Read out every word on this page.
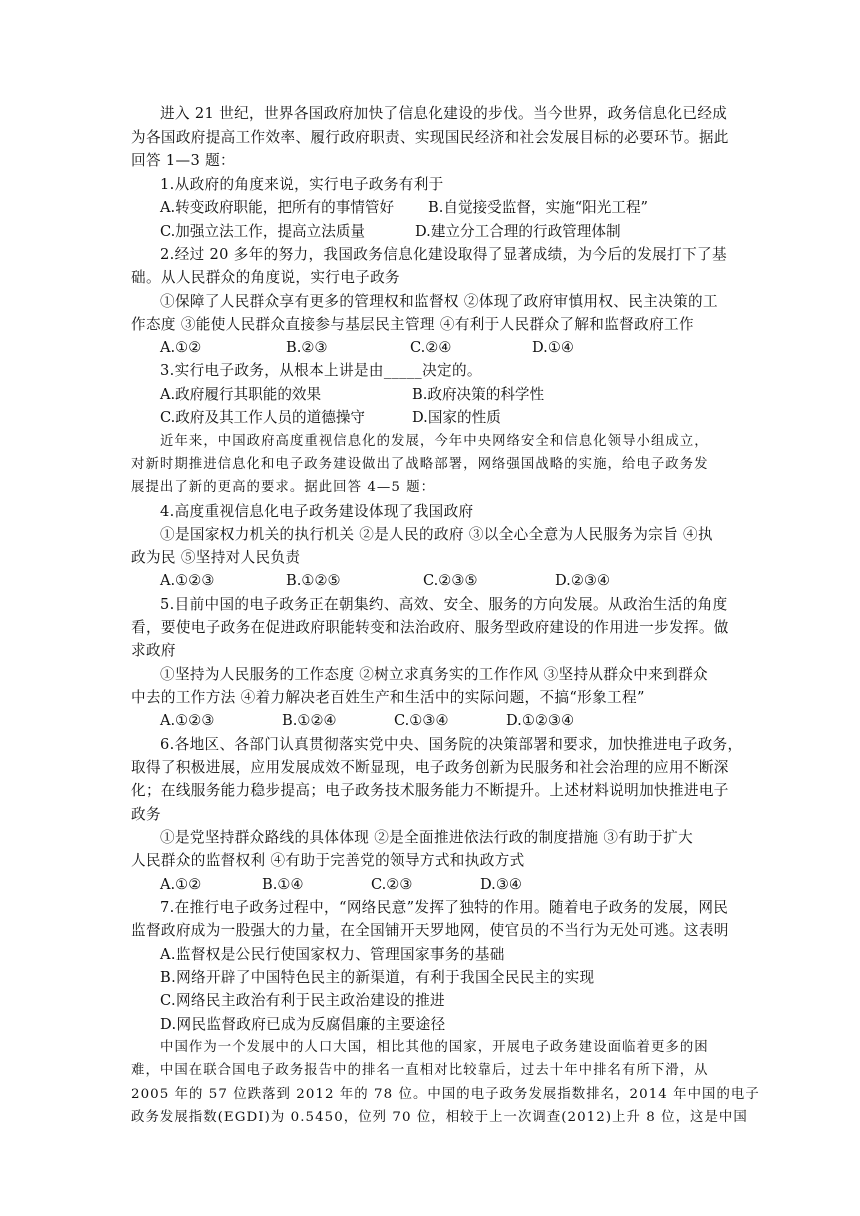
进入 21 世纪，世界各国政府加快了信息化建设的步伐。当今世界，政务信息化已经成
为各国政府提高工作效率、履行政府职责、实现国民经济和社会发展目标的必要环节。据此
回答 1—3 题：
1.从政府的角度来说，实行电子政务有利于
A.转变政府职能，把所有的事情管好 B.自觉接受监督，实施“阳光工程”
C.加强立法工作，提高立法质量	D.建立分工合理的行政管理体制
2.经过 20 多年的努力，我国政务信息化建设取得了显著成绩，为今后的发展打下了基
础。从人民群众的角度说，实行电子政务
①保障了人民群众享有更多的管理权和监督权 ②体现了政府审慎用权、民主决策的工
作态度 ③能使人民群众直接参与基层民主管理 ④有利于人民群众了解和监督政府工作
A.①②	B.②③	C.②④	D.①④
3.实行电子政务，从根本上讲是由_____决定的。
A.政府履行其职能的效果	B.政府决策的科学性
C.政府及其工作人员的道德操守	D.国家的性质
近年来，中国政府高度重视信息化的发展，今年中央网络安全和信息化领导小组成立，
对新时期推进信息化和电子政务建设做出了战略部署，网络强国战略的实施，给电子政务发
展提出了新的更高的要求。据此回答 4—5 题：
4.高度重视信息化电子政务建设体现了我国政府
①是国家权力机关的执行机关 ②是人民的政府 ③以全心全意为人民服务为宗旨 ④执
政为民 ⑤坚持对人民负责
A.①②③	B.①②⑤	C.②③⑤	D.②③④
5.目前中国的电子政务正在朝集约、高效、安全、服务的方向发展。从政治生活的角度
看，要使电子政务在促进政府职能转变和法治政府、服务型政府建设的作用进一步发挥。做
求政府
①坚持为人民服务的工作态度 ②树立求真务实的工作作风 ③坚持从群众中来到群众
中去的工作方法 ④着力解决老百姓生产和生活中的实际问题，不搞“形象工程”
A.①②③	B.①②④	C.①③④	D.①②③④
6.各地区、各部门认真贯彻落实党中央、国务院的决策部署和要求，加快推进电子政务，
取得了积极进展，应用发展成效不断显现，电子政务创新为民服务和社会治理的应用不断深
化；在线服务能力稳步提高；电子政务技术服务能力不断提升。上述材料说明加快推进电子
政务
①是党坚持群众路线的具体体现 ②是全面推进依法行政的制度措施 ③有助于扩大
人民群众的监督权利 ④有助于完善党的领导方式和执政方式
A.①②	B.①④	C.②③	D.③④
7.在推行电子政务过程中，“网络民意”发挥了独特的作用。随着电子政务的发展，网民
监督政府成为一股强大的力量，在全国铺开天罗地网，使官员的不当行为无处可逃。这表明
A.监督权是公民行使国家权力、管理国家事务的基础
B.网络开辟了中国特色民主的新渠道，有利于我国全民民主的实现
C.网络民主政治有利于民主政治建设的推进
D.网民监督政府已成为反腐倡廉的主要途径
中国作为一个发展中的人口大国，相比其他的国家，开展电子政务建设面临着更多的困
难，中国在联合国电子政务报告中的排名一直相对比较靠后，过去十年中排名有所下滑，从
2005 年的 57 位跌落到 2012 年的 78 位。中国的电子政务发展指数排名，2014 年中国的电子
政务发展指数(EGDI)为 0.5450，位列 70 位，相较于上一次调查(2012)上升 8 位，这是中国
